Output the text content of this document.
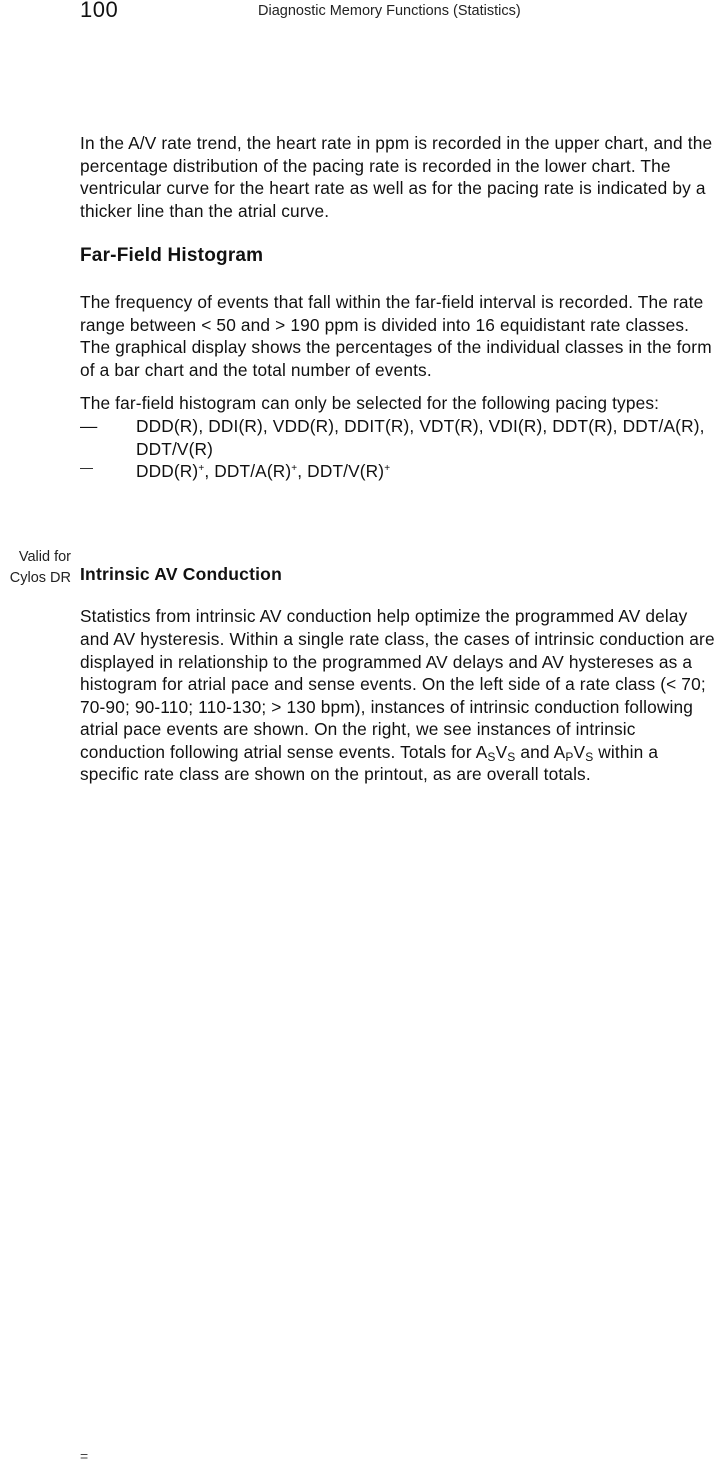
100	Diagnostic Memory Functions (Statistics)
Valid for
Cylos DR

In the A/V rate trend, the heart rate in ppm is recorded in the upper chart, and the percentage distribution of the pacing rate is recorded in the lower chart. The ventricular curve for the heart rate as well as for the pacing rate is indicated by a thicker line than the atrial curve.

Far-Field Histogram

The frequency of events that fall within the far-field interval is recorded. The rate range between < 50 and > 190 ppm is divided into 16 equidistant rate classes. The graphical display shows the percentages of the individual classes in the form of a bar chart and the total number of events.

The far-field histogram can only be selected for the following pacing types:

— DDD(R), DDI(R), VDD(R), DDIT(R), VDT(R), VDI(R), DDT(R), DDT/A(R), DDT/V(R)
— DDD(R)+, DDT/A(R)+, DDT/V(R)+
Intrinsic AV Conduction

Statistics from intrinsic AV conduction help optimize the programmed AV delay and AV hysteresis. Within a single rate class, the cases of intrinsic conduction are displayed in relationship to the programmed AV delays and AV hystereses as a histogram for atrial pace and sense events. On the left side of a rate class (< 70; 70-90; 90-110; 110-130; > 130 bpm), instances of intrinsic conduction following atrial pace events are shown. On the right, we see instances of intrinsic conduction following atrial sense events. Totals for $A_SV_S$ and $A_PV_S$ within a specific rate class are shown on the printout, as are overall totals.

=
